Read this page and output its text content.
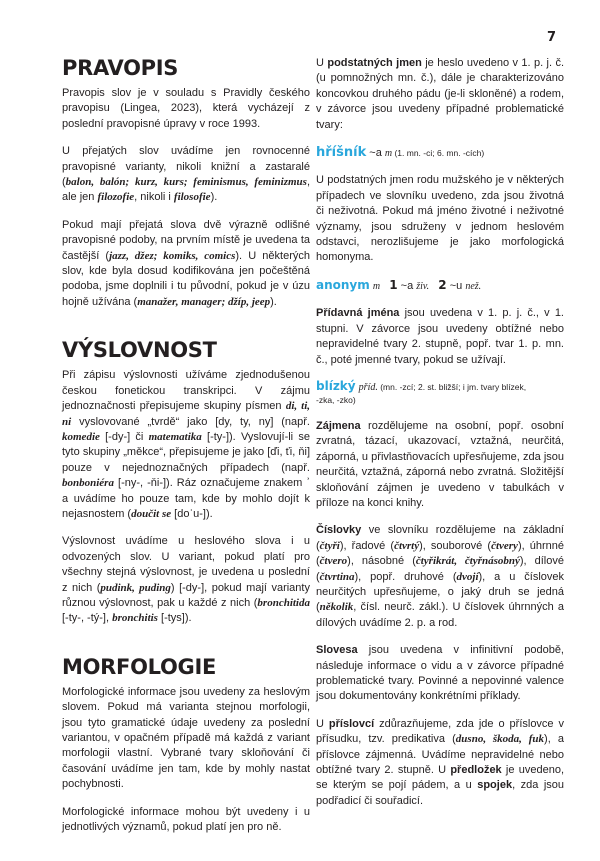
7
PRAVOPIS

Pravopis slov je v souladu s Pravidly českého pravopisu (Lingea, 2023), která vycházejí z poslední pravopisné úpravy v roce 1993.

U přejatých slov uvádíme jen rovnocenné pravopisné varianty, nikoli knižní a zastaralé (balon, balón; kurz, kurs; feminismus, feminizmus, ale jen filozofie, nikoli i filosofie).

Pokud mají přejatá slova dvě výrazně odlišné pravopisné podoby, na prvním místě je uvedena ta častější (jazz, džez; komiks, comics). U některých slov, kde byla dosud kodifikována jen počeštěná podoba, jsme doplnili i tu původní, pokud je v úzu hojně užívána (manažer, manager; džíp, jeep).

VÝSLOVNOST

Při zápisu výslovnosti užíváme zjednodušenou českou fonetickou transkripci. V zájmu jednoznačnosti přepisujeme skupiny písmen di, ti, ni vyslovované „tvrdě“ jako [dy, ty, ny] (např. komedie [-dy-] či matematika [-ty-]). Vyslovují-li se tyto skupiny „měkce“, přepisujeme je jako [ďi, ťi, ňi] pouze v nejednoznačných případech (např. bonboniéra [-ny-, -ňi-]). Ráz označujeme znakem ʾ a uvádíme ho pouze tam, kde by mohlo dojít k nejasnostem (doučit se [doʾu-]).

Výslovnost uvádíme u heslového slova i u odvozených slov. U variant, pokud platí pro všechny stejná výslovnost, je uvedena u poslední z nich (pudink, puding) [-dy-], pokud mají varianty různou výslovnost, pak u každé z nich (bronchitida [-ty-, -tý-], bronchitis [-tys]).

MORFOLOGIE

Morfologické informace jsou uvedeny za heslovým slovem. Pokud má varianta stejnou morfologii, jsou tyto gramatické údaje uvedeny za poslední variantou, v opačném případě má každá z variant morfologii vlastní. Vybrané tvary skloňování či časování uvádíme jen tam, kde by mohly nastat pochybnosti.

Morfologické informace mohou být uvedeny i u jednotlivých významů, pokud platí jen pro ně.

U podstatných jmen je heslo uvedeno v 1. p. j. č. (u pomnožných mn. č.), dále je charakterizováno koncovkou druhého pádu (je-li skloněné) a rodem, v závorce jsou uvedeny případné problematické tvary:

hříšník ~a m (1. mn. -ci; 6. mn. -cích)

U podstatných jmen rodu mužského je v některých případech ve slovníku uvedeno, zda jsou životná či neživotná. Pokud má jméno životné i neživotné významy, jsou sdruženy v jednom heslovém odstavci, nerozlišujeme je jako morfologická homonyma.

anonym m 1 ~a živ. 2 ~u než.

Přídavná jména jsou uvedena v 1. p. j. č., v 1. stupni. V závorce jsou uvedeny obtížné nebo nepravidelné tvary 2. stupně, popř. tvar 1. p. mn. č., poté jmenné tvary, pokud se užívají.

blízký příd. (mn. -zcí; 2. st. bližší; i jm. tvary blízek,
-zka, -zko)

Zájmena rozdělujeme na osobní, popř. osobní zvratná, tázací, ukazovací, vztažná, neurčitá, záporná, u přivlastňovacích upřesňujeme, zda jsou neurčitá, vztažná, záporná nebo zvratná. Složitější skloňování zájmen je uvedeno v tabulkách v příloze na konci knihy.

Číslovky ve slovníku rozdělujeme na základní (čtyři), řadové (čtvrtý), souborové (čtvery), úhrnné (čtvero), násobné (čtyřikrát, čtyřnásobný), dílové (čtvrtina), popř. druhové (dvojí), a u číslovek neurčitých upřesňujeme, o jaký druh se jedná (několik, čísl. neurč. zákl.). U číslovek úhrnných a dílových uvádíme 2. p. a rod.

Slovesa jsou uvedena v infinitivní podobě, následuje informace o vidu a v závorce případné problematické tvary. Povinné a nepovinné valence jsou dokumentovány konkrétními příklady.

U příslovcí zdůrazňujeme, zda jde o příslovce v přísudku, tzv. predikativa (dusno, škoda, fuk), a příslovce zájmenná. Uvádíme nepravidelné nebo obtížné tvary 2. stupně. U předložek je uvedeno, se kterým se pojí pádem, a u spojek, zda jsou podřadicí či souřadicí.
